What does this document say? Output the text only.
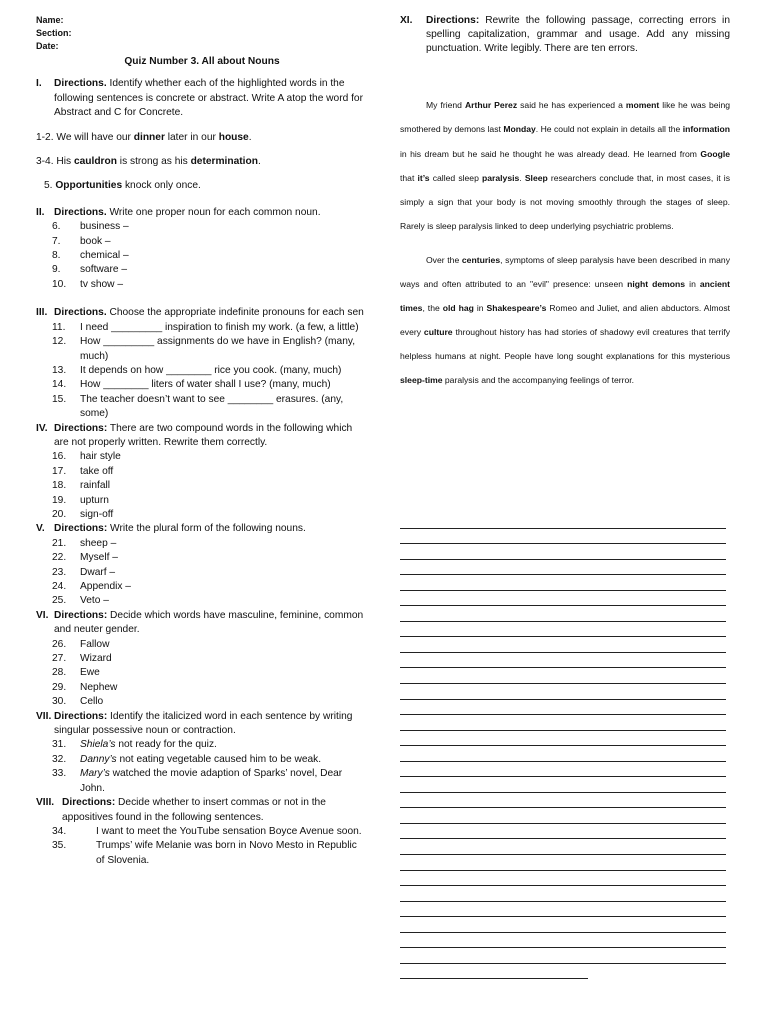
Name:
Section:
Date:
Quiz Number 3. All about Nouns
I.	Directions. Identify whether each of the highlighted words in the following sentences is concrete or abstract. Write A atop the word for Abstract and C for Concrete.
1-2. We will have our dinner later in our house.
3-4. His cauldron is strong as his determination.
5. Opportunities knock only once.
II. Directions. Write one proper noun for each common noun.
6.	business –
7.	book –
8.	chemical –
9.	software –
10.	tv show –
III. Directions. Choose the appropriate indefinite pronouns for each sen
11.	I need _________ inspiration to finish my work. (a few, a little)
12.	How _________ assignments do we have in English? (many, much)
13.	It depends on how ________ rice you cook. (many, much)
14.	How ________ liters of water shall I use? (many, much)
15.	The teacher doesn’t want to see ________ erasures. (any, some)
IV. Directions: There are two compound words in the following which are not properly written. Rewrite them correctly.
16.	hair style
17.	take off
18.	rainfall
19.	upturn
20.	sign-off
V. Directions: Write the plural form of the following nouns.
21.	sheep –
22.	Myself –
23.	Dwarf –
24.	Appendix –
25.	Veto –
VI. Directions: Decide which words have masculine, feminine, common and neuter gender.
26.	Fallow
27.	Wizard
28.	Ewe
29.	Nephew
30.	Cello
VII. Directions: Identify the italicized word in each sentence by writing singular possessive noun or contraction.
31.	Shiela’s not ready for the quiz.
32.	Danny’s not eating vegetable caused him to be weak.
33.	Mary’s watched the movie adaption of Sparks’ novel, Dear John.
VIII. Directions: Decide whether to insert commas or not in the appositives found in the following sentences.
34.	I want to meet the YouTube sensation Boyce Avenue soon.
35.	Trumps’ wife Melanie was born in Novo Mesto in Republic of Slovenia.
XI.	Directions: Rewrite the following passage, correcting errors in spelling capitalization, grammar and usage. Add any missing punctuation. Write legibly. There are ten errors.

My friend Arthur Perez said he has experienced a moment like he was being smothered by demons last Monday. He could not explain in details all the information in his dream but he said he thought he was already dead. He learned from Google that it’s called sleep paralysis. Sleep researchers conclude that, in most cases, it is simply a sign that your body is not moving smoothly through the stages of sleep. Rarely is sleep paralysis linked to deep underlying psychiatric problems.

Over the centuries, symptoms of sleep paralysis have been described in many ways and often attributed to an "evil" presence: unseen night demons in ancient times, the old hag in Shakespeare’s Romeo and Juliet, and alien abductors. Almost every culture throughout history has had stories of shadowy evil creatures that terrify helpless humans at night. People have long sought explanations for this mysterious sleep-time paralysis and the accompanying feelings of terror.
